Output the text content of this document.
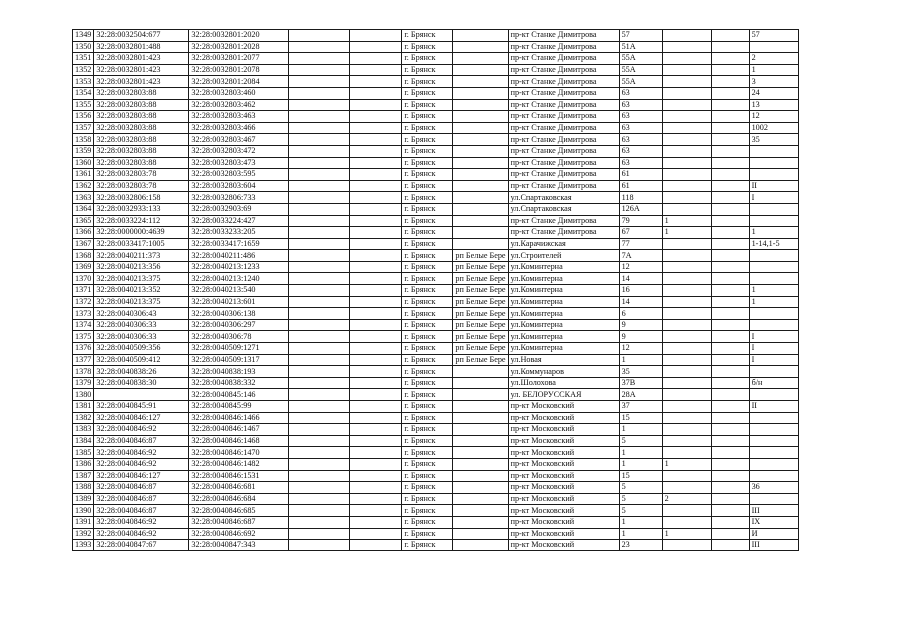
1349	32:28:0032504:677	32:28:0032801:2020			г. Брянск		пр-кт Станке Димитрова	57			57
1350	32:28:0032801:488	32:28:0032801:2028			г. Брянск		пр-кт Станке Димитрова	51А			
1351	32:28:0032801:423	32:28:0032801:2077			г. Брянск		пр-кт Станке Димитрова	55А			2
1352	32:28:0032801:423	32:28:0032801:2078			г. Брянск		пр-кт Станке Димитрова	55А			1
1353	32:28:0032801:423	32:28:0032801:2084			г. Брянск		пр-кт Станке Димитрова	55А			3
1354	32:28:0032803:88	32:28:0032803:460			г. Брянск		пр-кт Станке Димитрова	63			24
1355	32:28:0032803:88	32:28:0032803:462			г. Брянск		пр-кт Станке Димитрова	63			13
1356	32:28:0032803:88	32:28:0032803:463			г. Брянск		пр-кт Станке Димитрова	63			12
1357	32:28:0032803:88	32:28:0032803:466			г. Брянск		пр-кт Станке Димитрова	63			1002
1358	32:28:0032803:88	32:28:0032803:467			г. Брянск		пр-кт Станке Димитрова	63			35
1359	32:28:0032803:88	32:28:0032803:472			г. Брянск		пр-кт Станке Димитрова	63			
1360	32:28:0032803:88	32:28:0032803:473			г. Брянск		пр-кт Станке Димитрова	63			
1361	32:28:0032803:78	32:28:0032803:595			г. Брянск		пр-кт Станке Димитрова	61			
1362	32:28:0032803:78	32:28:0032803:604			г. Брянск		пр-кт Станке Димитрова	61			II
1363	32:28:0032806:158	32:28:0032806:733			г. Брянск		ул.Спартаковская	118			I
1364	32:28:0032933:133	32:28:0032903:69			г. Брянск		ул.Спартаковская	126А			
1365	32:28:0033224:112	32:28:0033224:427			г. Брянск		пр-кт Станке Димитрова	79	1		
1366	32:28:0000000:4639	32:28:0033233:205			г. Брянск		пр-кт Станке Димитрова	67	1		1
1367	32:28:0033417:1005	32:28:0033417:1659			г. Брянск		ул.Карачижская	77			1-14,1-5
1368	32:28:0040211:373	32:28:0040211:486			г. Брянск	рп Белые Бере	ул.Строителей	7А			
1369	32:28:0040213:356	32:28:0040213:1233			г. Брянск	рп Белые Бере	ул.Коминтерна	12			
1370	32:28:0040213:375	32:28:0040213:1240			г. Брянск	рп Белые Бере	ул.Коминтерна	14			
1371	32:28:0040213:352	32:28:0040213:540			г. Брянск	рп Белые Бере	ул.Коминтерна	16			1
1372	32:28:0040213:375	32:28:0040213:601			г. Брянск	рп Белые Бере	ул.Коминтерна	14			1
1373	32:28:0040306:43	32:28:0040306:138			г. Брянск	рп Белые Бере	ул.Коминтерна	6			
1374	32:28:0040306:33	32:28:0040306:297			г. Брянск	рп Белые Бере	ул.Коминтерна	9			
1375	32:28:0040306:33	32:28:0040306:78			г. Брянск	рп Белые Бере	ул.Коминтерна	9			I
1376	32:28:0040509:356	32:28:0040509:1271			г. Брянск	рп Белые Бере	ул.Коминтерна	12			I
1377	32:28:0040509:412	32:28:0040509:1317			г. Брянск	рп Белые Бере	ул.Новая	1			I
1378	32:28:0040838:26	32:28:0040838:193			г. Брянск		ул.Коммунаров	35			
1379	32:28:0040838:30	32:28:0040838:332			г. Брянск		ул.Шолохова	37В			б/н
1380		32:28:0040845:146			г. Брянск		ул. БЕЛОРУССКАЯ	28А			
1381	32:28:0040845:91	32:28:0040845:99			г. Брянск		пр-кт Московский	37			II
1382	32:28:0040846:127	32:28:0040846:1466			г. Брянск		пр-кт Московский	15			
1383	32:28:0040846:92	32:28:0040846:1467			г. Брянск		пр-кт Московский	1			
1384	32:28:0040846:87	32:28:0040846:1468			г. Брянск		пр-кт Московский	5			
1385	32:28:0040846:92	32:28:0040846:1470			г. Брянск		пр-кт Московский	1			
1386	32:28:0040846:92	32:28:0040846:1482			г. Брянск		пр-кт Московский	1	1		
1387	32:28:0040846:127	32:28:0040846:1531			г. Брянск		пр-кт Московский	15			
1388	32:28:0040846:87	32:28:0040846:681			г. Брянск		пр-кт Московский	5			36
1389	32:28:0040846:87	32:28:0040846:684			г. Брянск		пр-кт Московский	5	2		
1390	32:28:0040846:87	32:28:0040846:685			г. Брянск		пр-кт Московский	5			III
1391	32:28:0040846:92	32:28:0040846:687			г. Брянск		пр-кт Московский	1			IX
1392	32:28:0040846:92	32:28:0040846:692			г. Брянск		пр-кт Московский	1	1		И
1393	32:28:0040847:67	32:28:0040847:343			г. Брянск		пр-кт Московский	23			III
